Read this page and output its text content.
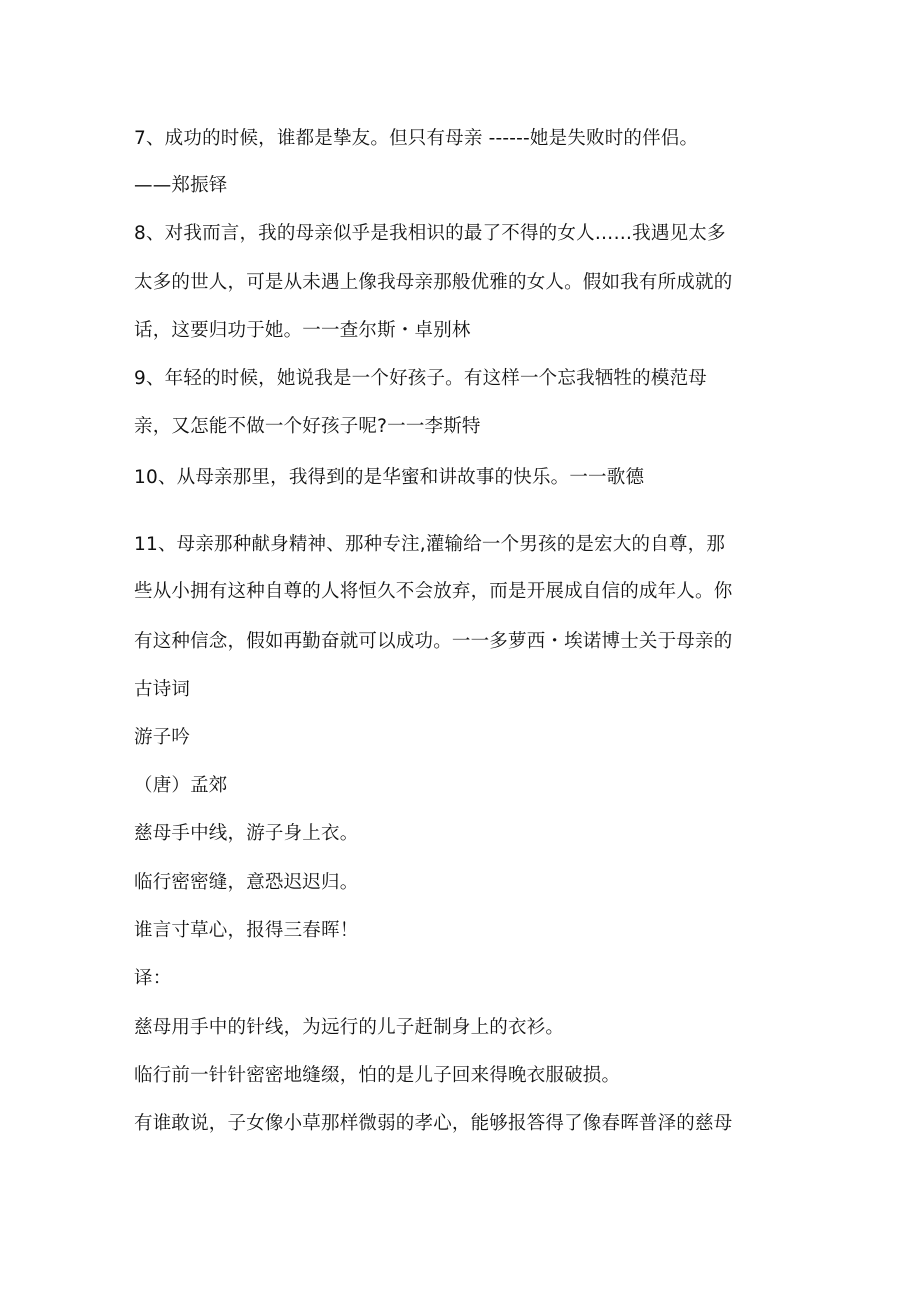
7、成功的时候，谁都是挚友。但只有母亲 ------她是失败时的伴侣。
——郑振铎
8、对我而言，我的母亲似乎是我相识的最了不得的女人……我遇见太多
太多的世人，可是从未遇上像我母亲那般优雅的女人。假如我有所成就的
话，这要归功于她。一一查尔斯・卓别林
9、年轻的时候，她说我是一个好孩子。有这样一个忘我牺牲的模范母
亲，又怎能不做一个好孩子呢?一一李斯特
10、从母亲那里，我得到的是华蜜和讲故事的快乐。一一歌德
11、母亲那种献身精神、那种专注,灌输给一个男孩的是宏大的自尊，那
些从小拥有这种自尊的人将恒久不会放弃，而是开展成自信的成年人。你
有这种信念，假如再勤奋就可以成功。一一多萝西・埃诺博士关于母亲的
古诗词
游子吟
（唐）孟郊
慈母手中线，游子身上衣。
临行密密缝，意恐迟迟归。
谁言寸草心，报得三春晖！
译：
慈母用手中的针线，为远行的儿子赶制身上的衣衫。
临行前一针针密密地缝缀，怕的是儿子回来得晚衣服破损。
有谁敢说，子女像小草那样微弱的孝心，能够报答得了像春晖普泽的慈母
